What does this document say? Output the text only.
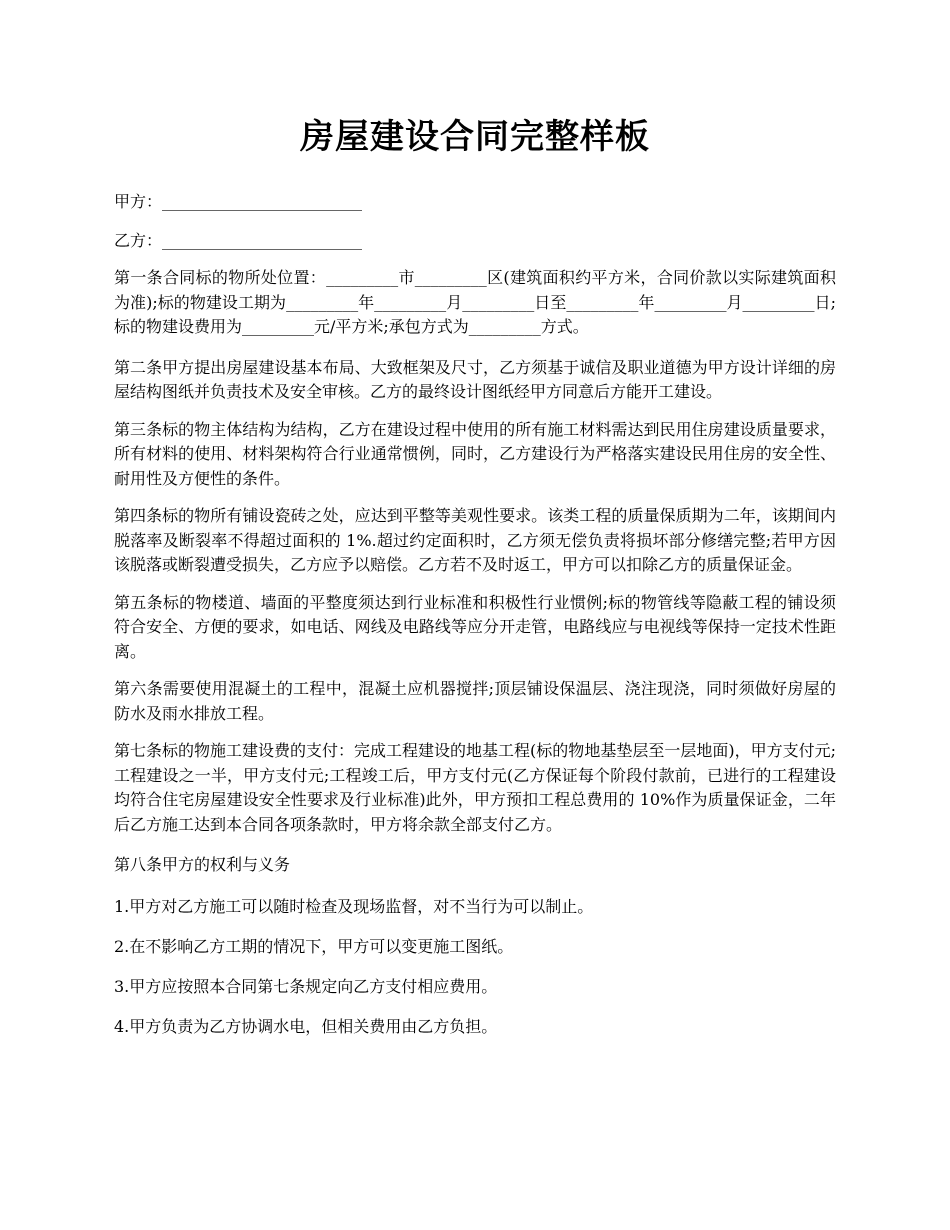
房屋建设合同完整样板

甲方：_________________________

乙方：_________________________

第一条合同标的物所处位置：_________市_________区(建筑面积约平方米，合同价款以实际建筑面积为准);标的物建设工期为_________年_________月_________日至_________年_________月_________日;标的物建设费用为_________元/平方米;承包方式为_________方式。

第二条甲方提出房屋建设基本布局、大致框架及尺寸，乙方须基于诚信及职业道德为甲方设计详细的房屋结构图纸并负责技术及安全审核。乙方的最终设计图纸经甲方同意后方能开工建设。

第三条标的物主体结构为结构，乙方在建设过程中使用的所有施工材料需达到民用住房建设质量要求，所有材料的使用、材料架构符合行业通常惯例，同时，乙方建设行为严格落实建设民用住房的安全性、耐用性及方便性的条件。

第四条标的物所有铺设瓷砖之处，应达到平整等美观性要求。该类工程的质量保质期为二年，该期间内脱落率及断裂率不得超过面积的 1%.超过约定面积时，乙方须无偿负责将损坏部分修缮完整;若甲方因该脱落或断裂遭受损失，乙方应予以赔偿。乙方若不及时返工，甲方可以扣除乙方的质量保证金。

第五条标的物楼道、墙面的平整度须达到行业标准和积极性行业惯例;标的物管线等隐蔽工程的铺设须符合安全、方便的要求，如电话、网线及电路线等应分开走管，电路线应与电视线等保持一定技术性距离。

第六条需要使用混凝土的工程中，混凝土应机器搅拌;顶层铺设保温层、浇注现浇，同时须做好房屋的防水及雨水排放工程。

第七条标的物施工建设费的支付：完成工程建设的地基工程(标的物地基垫层至一层地面)，甲方支付元;工程建设之一半，甲方支付元;工程竣工后，甲方支付元(乙方保证每个阶段付款前，已进行的工程建设均符合住宅房屋建设安全性要求及行业标准)此外，甲方预扣工程总费用的 10%作为质量保证金，二年后乙方施工达到本合同各项条款时，甲方将余款全部支付乙方。

第八条甲方的权利与义务

1.甲方对乙方施工可以随时检查及现场监督，对不当行为可以制止。

2.在不影响乙方工期的情况下，甲方可以变更施工图纸。

3.甲方应按照本合同第七条规定向乙方支付相应费用。

4.甲方负责为乙方协调水电，但相关费用由乙方负担。
